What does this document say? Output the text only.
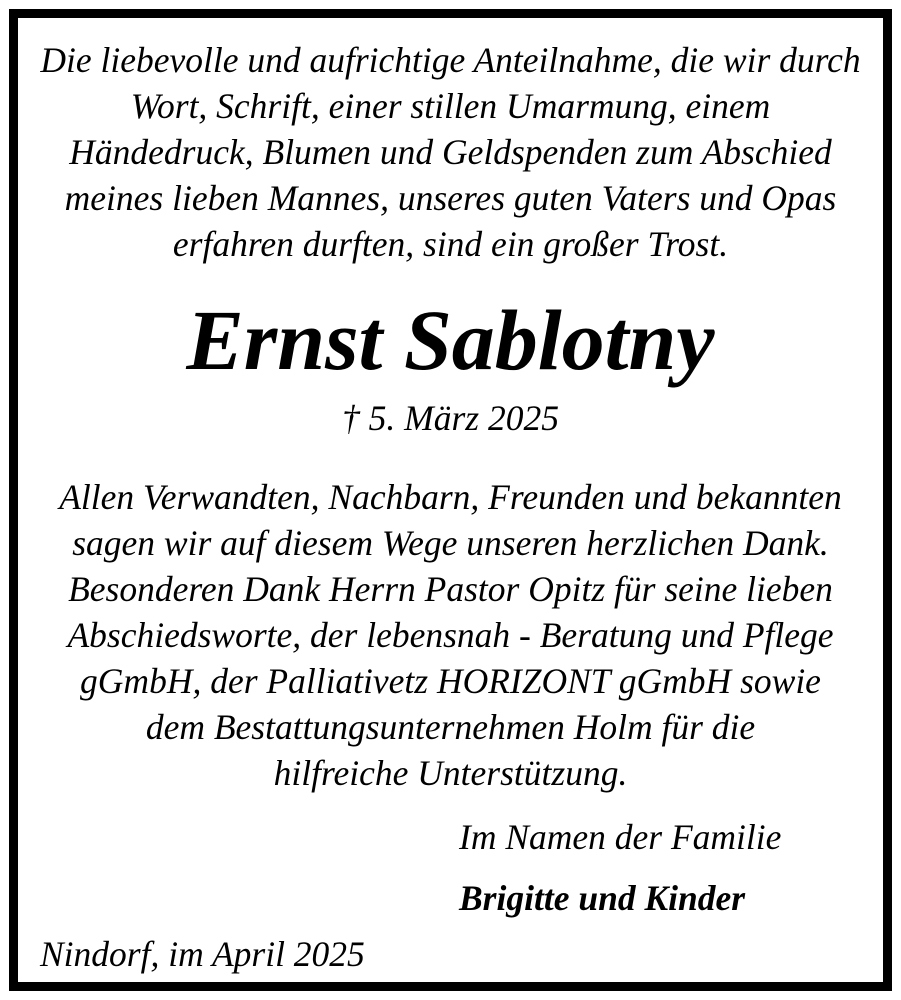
Die liebevolle und aufrichtige Anteilnahme, die wir durch

Wort, Schrift, einer stillen Umarmung, einem

Händedruck, Blumen und Geldspenden zum Abschied

meines lieben Mannes, unseres guten Vaters und Opas

erfahren durften, sind ein großer Trost.

Ernst Sablotny

† 5. März 2025

Allen Verwandten, Nachbarn, Freunden und bekannten

sagen wir auf diesem Wege unseren herzlichen Dank.

Besonderen Dank Herrn Pastor Opitz für seine lieben

Abschiedsworte, der lebensnah - Beratung und Pflege

gGmbH, der Palliativetz HORIZONT gGmbH sowie

dem Bestattungsunternehmen Holm für die

hilfreiche Unterstützung.

Im Namen der Familie

Brigitte und Kinder

Nindorf, im April 2025
